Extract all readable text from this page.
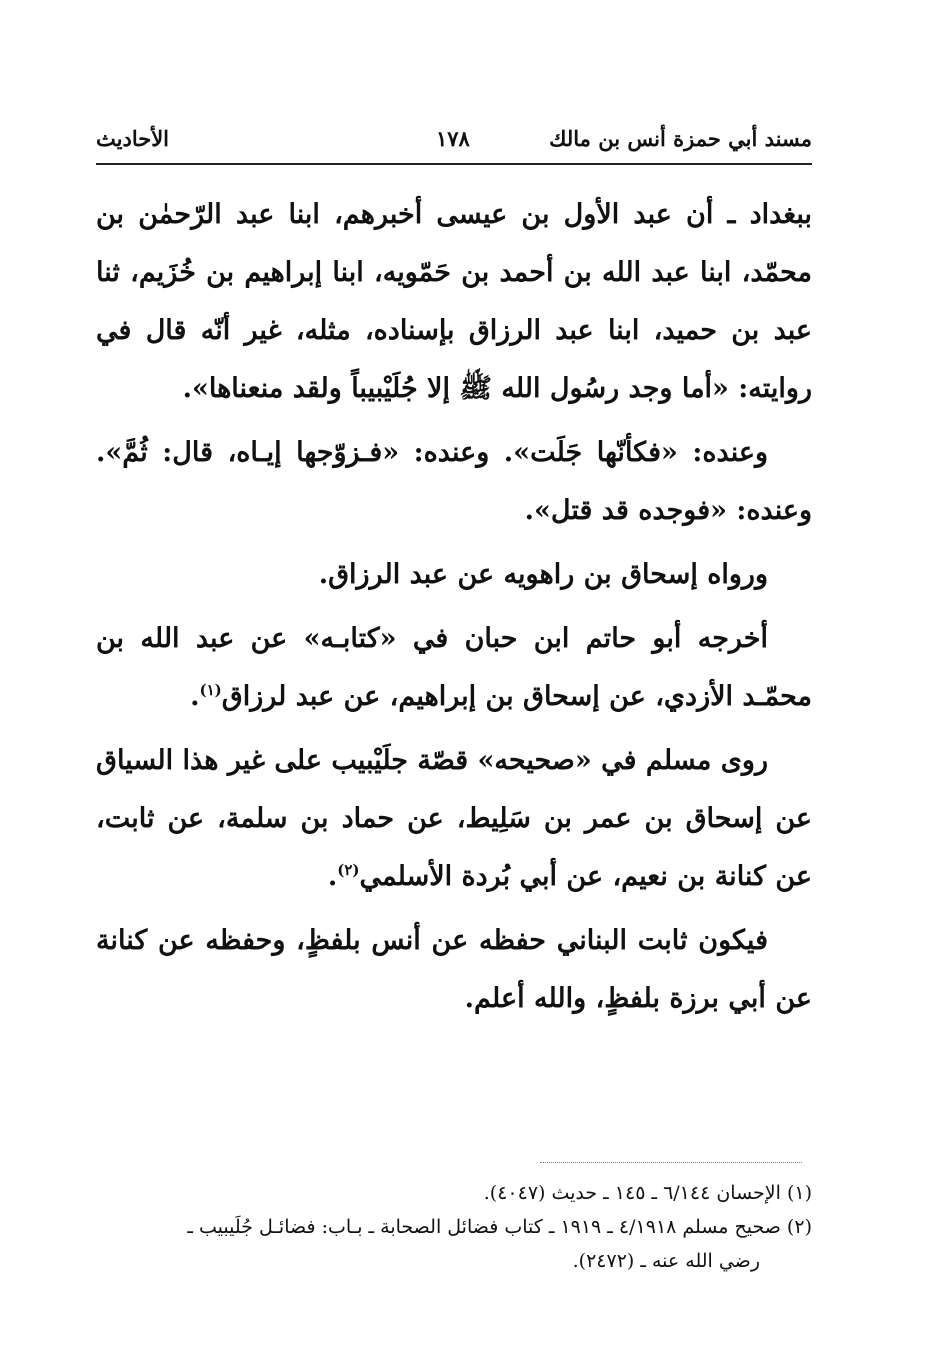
مسند أبي حمزة أنس بن مالك
١٧٨
الأحاديث

ببغداد ـ أن عبد الأول بن عيسى أخبرهم، ابنا عبد الرّحمٰن بن محمّد، ابنا عبد الله بن أحمد بن حَمّويه، ابنا إبراهيم بن خُزَيم، ثنا عبد بن حميد، ابنا عبد الرزاق بإسناده، مثله، غير أنّه قال في روايته: «أما وجد رسُول الله ﷺ إلا جُلَيْبيباً ولقد منعناها».

وعنده: «فكأنّها جَلَت». وعنده: «فـزوّجها إيـاه، قال: ثُمَّ». وعنده: «فوجده قد قتل».

ورواه إسحاق بن راهويه عن عبد الرزاق.

أخرجه أبو حاتم ابن حبان في «كتابـه» عن عبد الله بن محمّـد الأزدي، عن إسحاق بن إبراهيم، عن عبد لرزاق$^{(١)}$.

روى مسلم في «صحيحه» قصّة جلَيْبيب على غير هذا السياق عن إسحاق بن عمر بن سَلِيط، عن حماد بن سلمة، عن ثابت، عن كنانة بن نعيم، عن أبي بُردة الأسلمي$^{(٢)}$.

فيكون ثابت البناني حفظه عن أنس بلفظٍ، وحفظه عن كنانة عن أبي برزة بلفظٍ، والله أعلم.

(١) الإحسان ٦/١٤٤ ـ ١٤٥ ـ حديث (٤٠٤٧).

(٢) صحيح مسلم ٤/١٩١٨ ـ ١٩١٩ ـ كتاب فضائل الصحابة ـ بـاب: فضائـل جُلَيبيب ـ

رضي الله عنه ـ (٢٤٧٢).
